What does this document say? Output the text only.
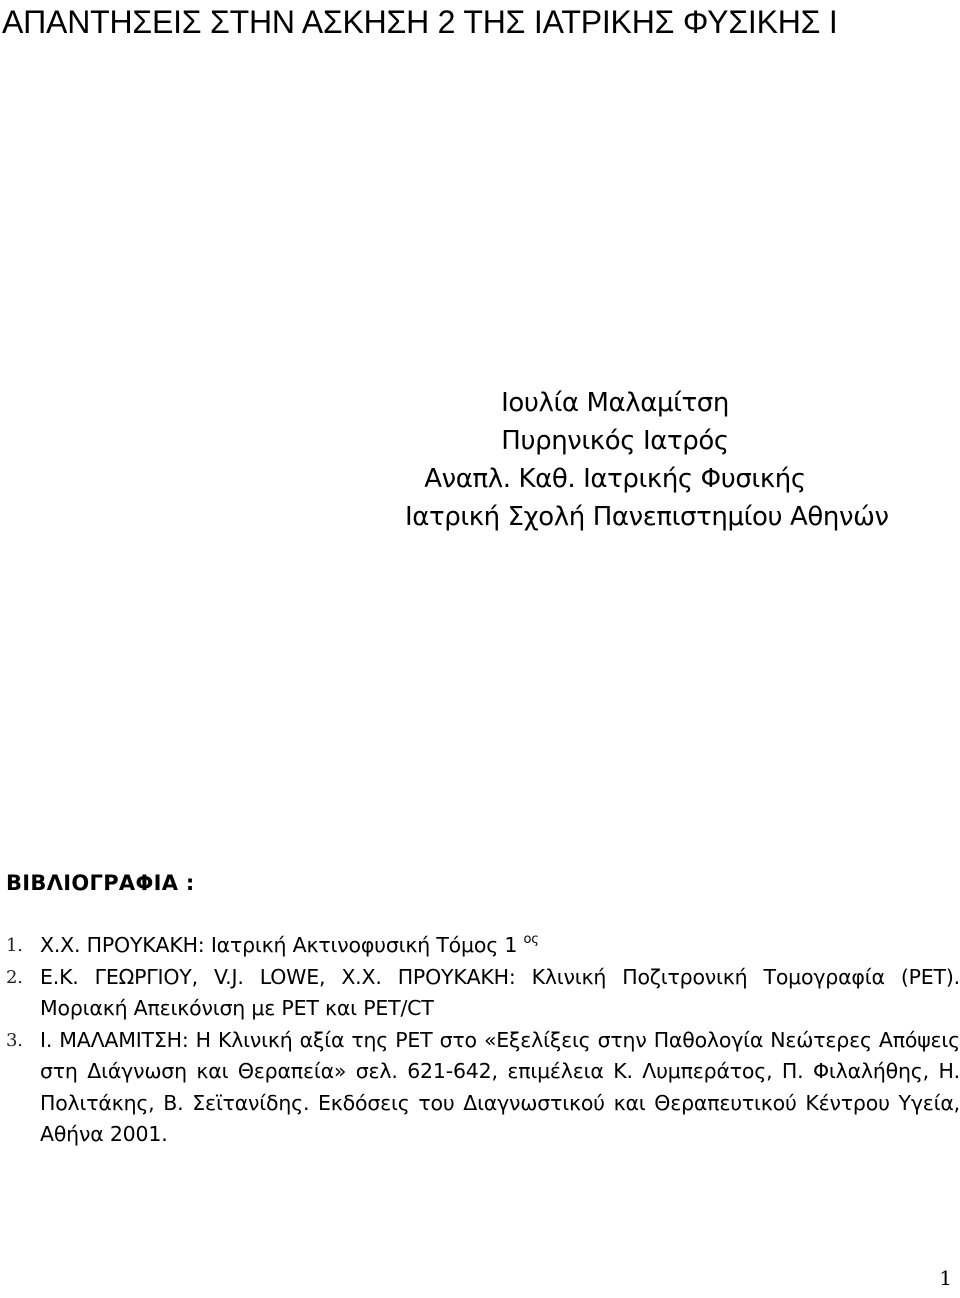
ΑΠΑΝΤΗΣΕΙΣ ΣΤΗΝ ΑΣΚΗΣΗ 2 ΤΗΣ ΙΑΤΡΙΚΗΣ ΦΥΣΙΚΗΣ Ι
Ιουλία Μαλαμίτση
Πυρηνικός Ιατρός
Αναπλ. Καθ. Ιατρικής Φυσικής
Ιατρική Σχολή Πανεπιστημίου Αθηνών
ΒΙΒΛΙΟΓΡΑΦΙΑ :
1. Χ.Χ. ΠΡΟΥΚΑΚΗ: Ιατρική Ακτινοφυσική Τόμος 1 $^{o\varsigma}$
2. Ε.Κ. ΓΕΩΡΓΙΟΥ, V.J. LOWE, Χ.Χ. ΠΡΟΥΚΑΚΗ: Κλινική Ποζιτρονική Τομογραφία (PET). Μοριακή Απεικόνιση με PET και PET/CT
3. Ι. ΜΑΛΑΜΙΤΣΗ: Η Κλινική αξία της PET στο «Εξελίξεις στην Παθολογία Νεώτερες Απόψεις στη Διάγνωση και Θεραπεία» σελ. 621-642, επιμέλεια Κ. Λυμπεράτος, Π. Φιλαλήθης, Η. Πολιτάκης, Β. Σεϊτανίδης. Εκδόσεις του Διαγνωστικού και Θεραπευτικού Κέντρου Υγεία, Αθήνα 2001.
1
